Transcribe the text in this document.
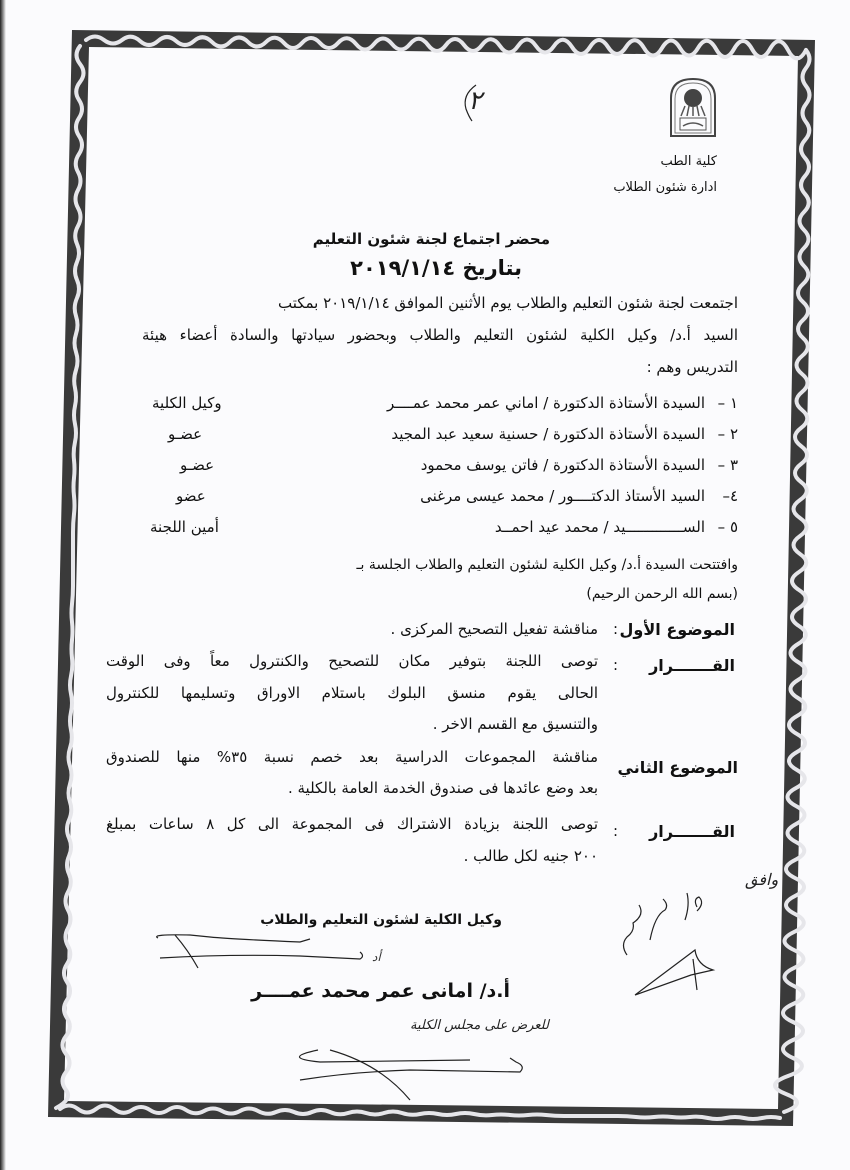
٢
كلية الطب
ادارة شئون الطلاب
محضر اجتماع لجنة شئون التعليم
بتاريخ ٢٠١٩/١/١٤
اجتمعت لجنة شئون التعليم والطلاب يوم الأثنين الموافق ٢٠١٩/١/١٤ بمكتب
السيد أ.د/ وكيل الكلية لشئون التعليم والطلاب وبحضور سيادتها والسادة أعضاء هيئة
التدريس وهم :
١ –
السيدة الأستاذة الدكتورة / اماني عمر محمد عمــــر
وكيل الكلية
٢ –
السيدة الأستاذة الدكتورة / حسنية سعيد عبد المجيد
عضـو
٣ –
السيدة الأستاذة الدكتورة / فاتن يوسف محمود
عضـو
٤–
السيد الأستاذ الدكتــــور / محمد عيسى مرغنى
عضو
٥ –
الســـــــــــــيد / محمد عيد احمــد
أمين اللجنة
وافتتحت السيدة أ.د/ وكيل الكلية لشئون التعليم والطلاب الجلسة بـ
(بسم الله الرحمن الرحيم)
الموضوع الأول
:
مناقشة تفعيل التصحيح المركزى .
القـــــــرار
:
توصى اللجنة بتوفير مكان للتصحيح والكنترول معاً وفى الوقت
الحالى يقوم منسق البلوك باستلام الاوراق وتسليمها للكنترول
والتنسيق مع القسم الاخر .
الموضوع الثاني
مناقشة المجموعات الدراسية بعد خصم نسبة ٣٥% منها للصندوق
بعد وضع عائدها فى صندوق الخدمة العامة بالكلية .
القـــــــرار
:
توصى اللجنة بزيادة الاشتراك فى المجموعة الى كل ٨ ساعات بمبلغ
٢٠٠ جنيه لكل طالب .
وكيل الكلية لشئون التعليم والطلاب
أ.د/ امانى عمر محمد عمــــر
أد
وافق
للعرض على مجلس الكلية
